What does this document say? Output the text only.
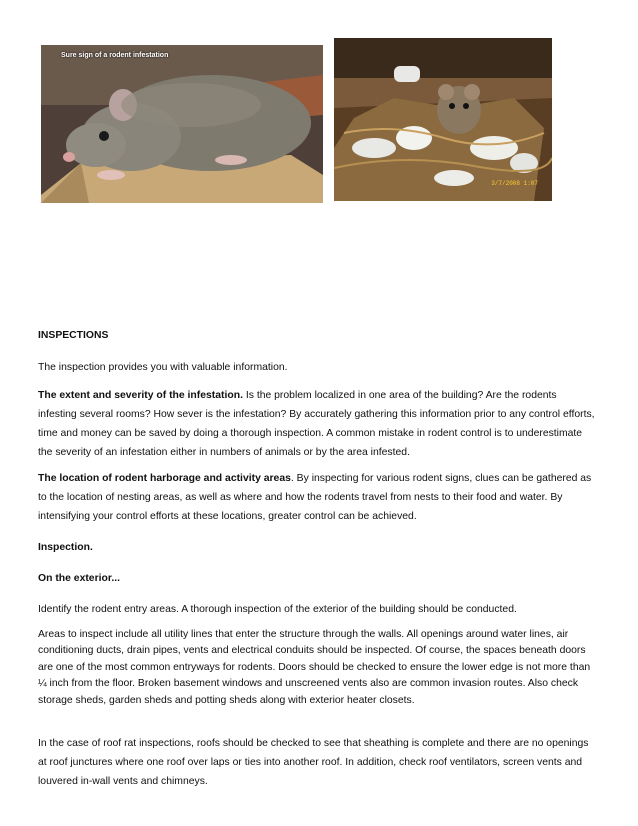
Sure sign of a rodent infestation
3/7/2008 1:07
INSPECTIONS
The inspection provides you with valuable information.
The extent and severity of the infestation. Is the problem localized in one area of the building? Are the rodents infesting several rooms? How sever is the infestation? By accurately gathering this information prior to any control efforts, time and money can be saved by doing a thorough inspection. A common mistake in rodent control is to underestimate the severity of an infestation either in numbers of animals or by the area infested.
The location of rodent harborage and activity areas. By inspecting for various rodent signs, clues can be gathered as to the location of nesting areas, as well as where and how the rodents travel from nests to their food and water. By intensifying your control efforts at these locations, greater control can be achieved.
Inspection.
On the exterior...
Identify the rodent entry areas. A thorough inspection of the exterior of the building should be conducted.
Areas to inspect include all utility lines that enter the structure through the walls. All openings around water lines, air conditioning ducts, drain pipes, vents and electrical conduits should be inspected. Of course, the spaces beneath doors are one of the most common entryways for rodents. Doors should be checked to ensure the lower edge is not more than ¼ inch from the floor. Broken basement windows and unscreened vents also are common invasion routes. Also check storage sheds, garden sheds and potting sheds along with exterior heater closets.
In the case of roof rat inspections, roofs should be checked to see that sheathing is complete and there are no openings at roof junctures where one roof over laps or ties into another roof. In addition, check roof ventilators, screen vents and louvered in-wall vents and chimneys.
